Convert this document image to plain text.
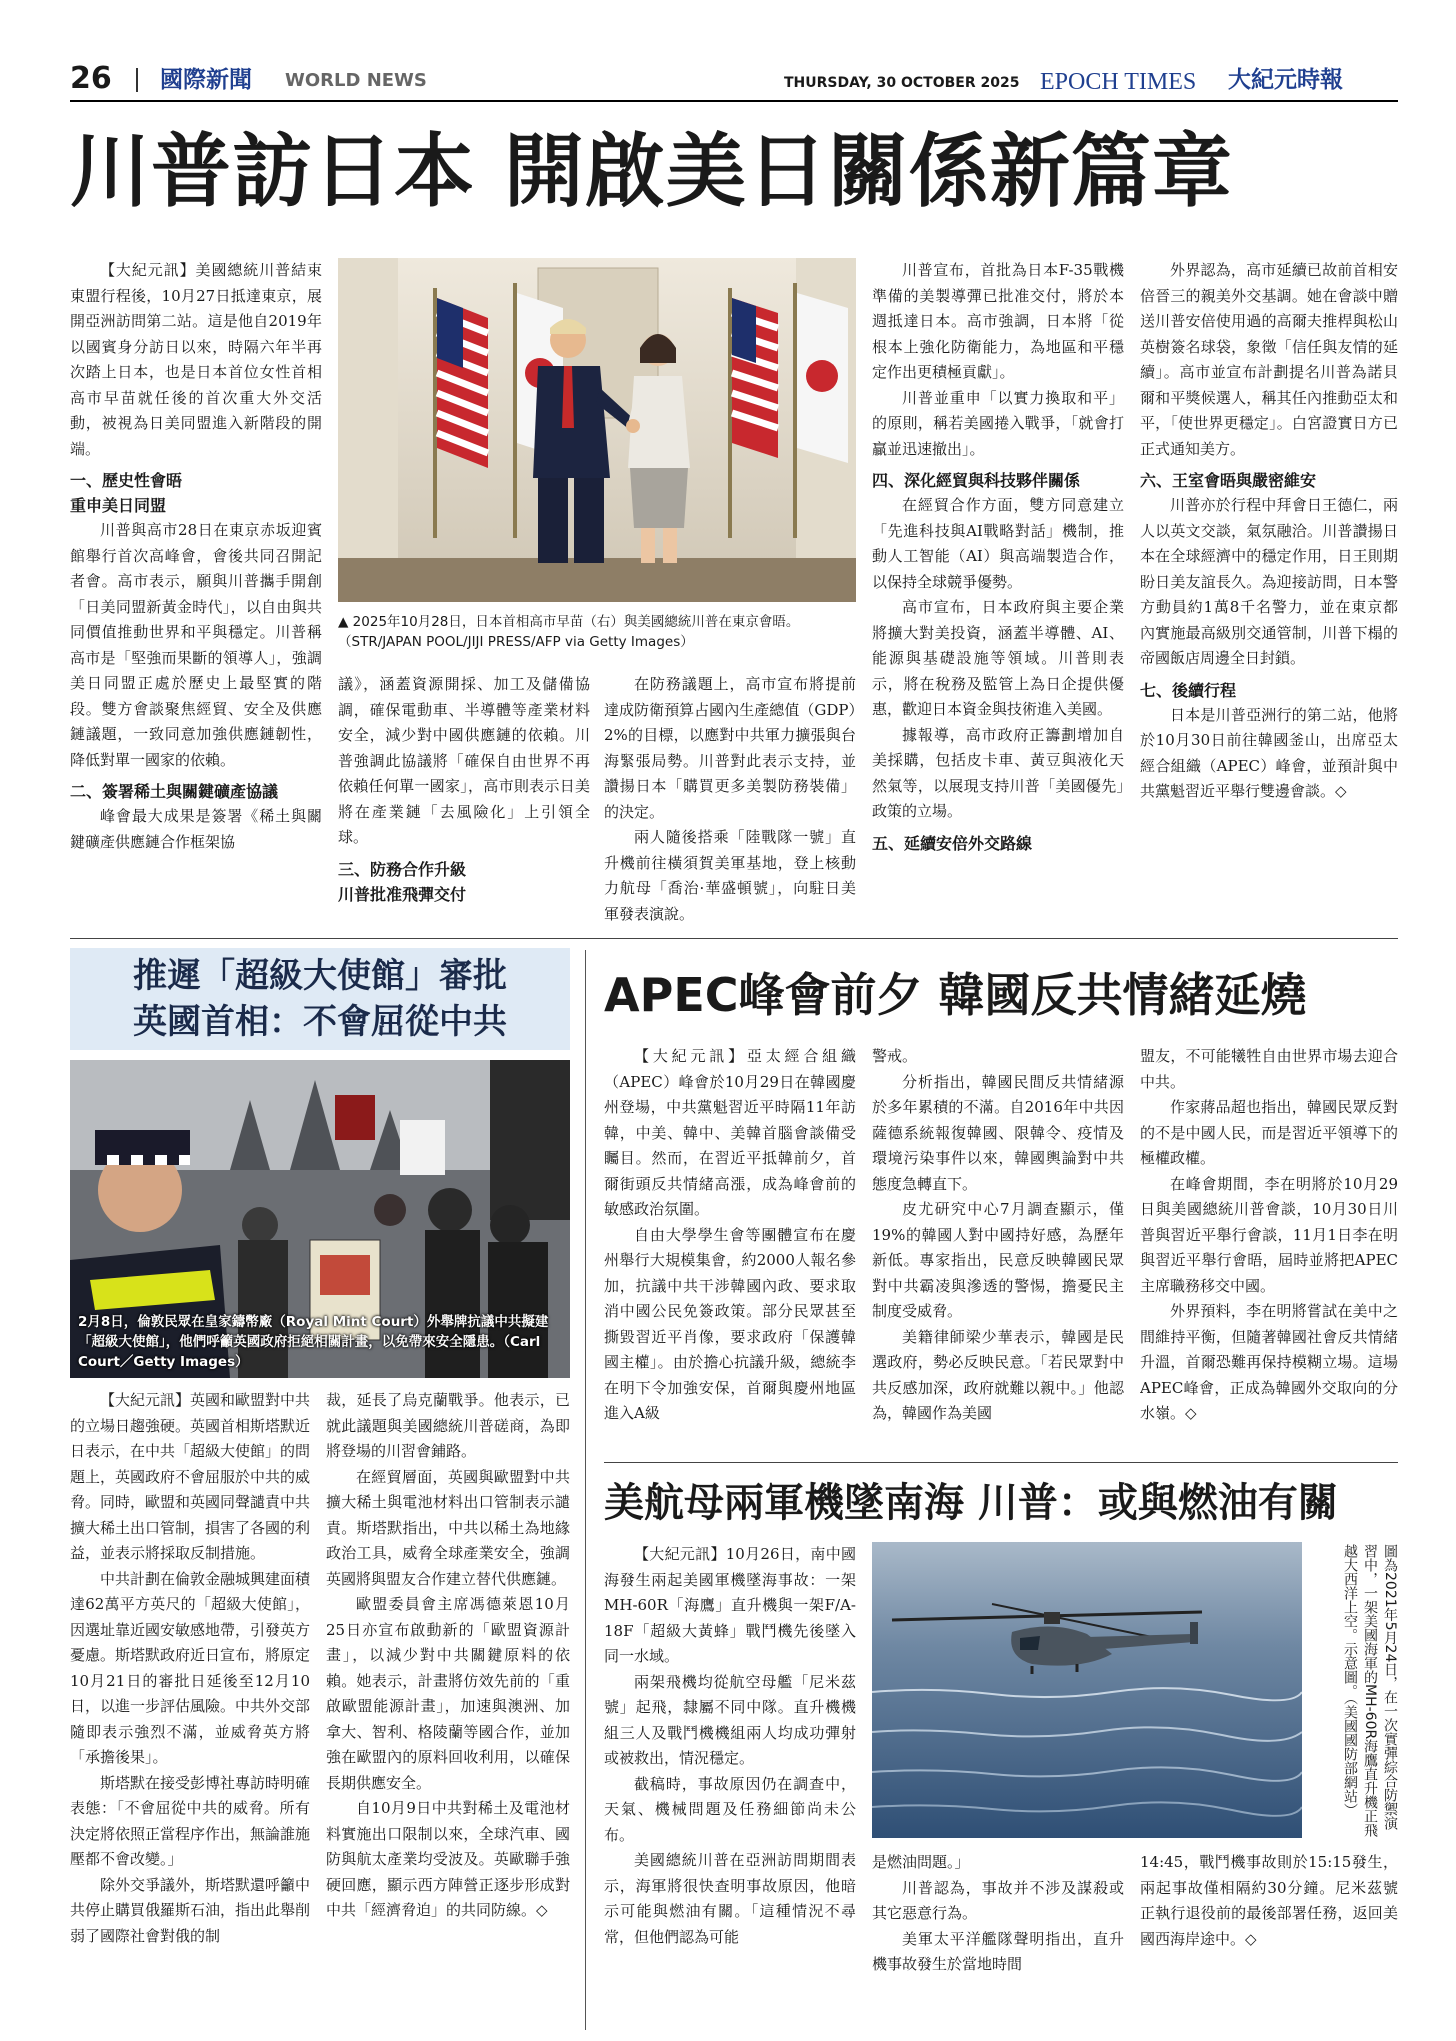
26 國際新聞 WORLD NEWS	THURSDAY, 30 OCTOBER 2025 EPOCH TIMES 大紀元時報
川普訪日本 開啟美日關係新篇章

【大紀元訊】美國總統川普結束東盟行程後，10月27日抵達東京，展開亞洲訪問第二站。這是他自2019年以國賓身分訪日以來，時隔六年半再次踏上日本，也是日本首位女性首相高市早苗就任後的首次重大外交活動，被視為日美同盟進入新階段的開端。

一、歷史性會晤
重申美日同盟

川普與高市28日在東京赤坂迎賓館舉行首次高峰會，會後共同召開記者會。高市表示，願與川普攜手開創「日美同盟新黃金時代」，以自由與共同價值推動世界和平與穩定。川普稱高市是「堅強而果斷的領導人」，強調美日同盟正處於歷史上最堅實的階段。雙方會談聚焦經貿、安全及供應鏈議題，一致同意加強供應鏈韌性，降低對單一國家的依賴。

二、簽署稀土與關鍵礦產協議

峰會最大成果是簽署《稀土與關鍵礦產供應鏈合作框架協

▲ 2025年10月28日，日本首相高市早苗（右）與美國總統川普在東京會晤。（STR/JAPAN POOL/JIJI PRESS/AFP via Getty Images）

議》，涵蓋資源開採、加工及儲備協調，確保電動車、半導體等產業材料安全，減少對中國供應鏈的依賴。川普強調此協議將「確保自由世界不再依賴任何單一國家」，高市則表示日美將在產業鏈「去風險化」上引領全球。

三、防務合作升級
川普批准飛彈交付

在防務議題上，高市宣布將提前達成防衛預算占國內生產總值（GDP）2%的目標，以應對中共軍力擴張與台海緊張局勢。川普對此表示支持，並讚揚日本「購買更多美製防務裝備」的決定。

兩人隨後搭乘「陸戰隊一號」直升機前往橫須賀美軍基地，登上核動力航母「喬治·華盛頓號」，向駐日美軍發表演說。

川普宣布，首批為日本F-35戰機準備的美製導彈已批准交付，將於本週抵達日本。高市強調，日本將「從根本上強化防衛能力，為地區和平穩定作出更積極貢獻」。

川普並重申「以實力換取和平」的原則，稱若美國捲入戰爭，「就會打贏並迅速撤出」。

四、深化經貿與科技夥伴關係

在經貿合作方面，雙方同意建立「先進科技與AI戰略對話」機制，推動人工智能（AI）與高端製造合作，以保持全球競爭優勢。

高市宣布，日本政府與主要企業將擴大對美投資，涵蓋半導體、AI、能源與基礎設施等領域。川普則表示，將在稅務及監管上為日企提供優惠，歡迎日本資金與技術進入美國。

據報導，高市政府正籌劃增加自美採購，包括皮卡車、黃豆與液化天然氣等，以展現支持川普「美國優先」政策的立場。

五、延續安倍外交路線

外界認為，高市延續已故前首相安倍晉三的親美外交基調。她在會談中贈送川普安倍使用過的高爾夫推桿與松山英樹簽名球袋，象徵「信任與友情的延續」。高市並宣布計劃提名川普為諾貝爾和平獎候選人，稱其任內推動亞太和平，「使世界更穩定」。白宮證實日方已正式通知美方。

六、王室會晤與嚴密維安

川普亦於行程中拜會日王德仁，兩人以英文交談，氣氛融洽。川普讚揚日本在全球經濟中的穩定作用，日王則期盼日美友誼長久。為迎接訪問，日本警方動員約1萬8千名警力，並在東京都內實施最高級別交通管制，川普下榻的帝國飯店周邊全日封鎖。

七、後續行程

日本是川普亞洲行的第二站，他將於10月30日前往韓國釜山，出席亞太經合組織（APEC）峰會，並預計與中共黨魁習近平舉行雙邊會談。◇

推遲「超級大使館」審批
英國首相：不會屈從中共
2月8日，倫敦民眾在皇家鑄幣廠（Royal Mint Court）外舉牌抗議中共擬建「超級大使館」，他們呼籲英國政府拒絕相關計畫，以免帶來安全隱患。（Carl Court／Getty Images）

【大紀元訊】英國和歐盟對中共的立場日趨強硬。英國首相斯塔默近日表示，在中共「超級大使館」的問題上，英國政府不會屈服於中共的威脅。同時，歐盟和英國同聲譴責中共擴大稀土出口管制，損害了各國的利益，並表示將採取反制措施。

中共計劃在倫敦金融城興建面積達62萬平方英尺的「超級大使館」，因選址靠近國安敏感地帶，引發英方憂慮。斯塔默政府近日宣布，將原定10月21日的審批日延後至12月10日，以進一步評估風險。中共外交部隨即表示強烈不滿，並威脅英方將「承擔後果」。

斯塔默在接受彭博社專訪時明確表態：「不會屈從中共的威脅。所有決定將依照正當程序作出，無論誰施壓都不會改變。」

除外交爭議外，斯塔默還呼籲中共停止購買俄羅斯石油，指出此舉削弱了國際社會對俄的制

裁，延長了烏克蘭戰爭。他表示，已就此議題與美國總統川普磋商，為即將登場的川習會鋪路。

在經貿層面，英國與歐盟對中共擴大稀土與電池材料出口管制表示譴責。斯塔默指出，中共以稀土為地緣政治工具，威脅全球產業安全，強調英國將與盟友合作建立替代供應鏈。

歐盟委員會主席馮德萊恩10月25日亦宣布啟動新的「歐盟資源計畫」，以減少對中共關鍵原料的依賴。她表示，計畫將仿效先前的「重啟歐盟能源計畫」，加速與澳洲、加拿大、智利、格陵蘭等國合作，並加強在歐盟內的原料回收利用，以確保長期供應安全。

自10月9日中共對稀土及電池材料實施出口限制以來，全球汽車、國防與航太產業均受波及。英歐聯手強硬回應，顯示西方陣營正逐步形成對中共「經濟脅迫」的共同防線。◇

APEC峰會前夕 韓國反共情緒延燒

【大紀元訊】亞太經合組織（APEC）峰會於10月29日在韓國慶州登場，中共黨魁習近平時隔11年訪韓，中美、韓中、美韓首腦會談備受矚目。然而，在習近平抵韓前夕，首爾街頭反共情緒高漲，成為峰會前的敏感政治氛圍。

自由大學學生會等團體宣布在慶州舉行大規模集會，約2000人報名參加，抗議中共干涉韓國內政、要求取消中國公民免簽政策。部分民眾甚至撕毀習近平肖像，要求政府「保護韓國主權」。由於擔心抗議升級，總統李在明下令加強安保，首爾與慶州地區進入A級

警戒。

分析指出，韓國民間反共情緒源於多年累積的不滿。自2016年中共因薩德系統報復韓國、限韓令、疫情及環境污染事件以來，韓國輿論對中共態度急轉直下。

皮尤研究中心7月調查顯示，僅19%的韓國人對中國持好感，為歷年新低。專家指出，民意反映韓國民眾對中共霸凌與滲透的警惕，擔憂民主制度受威脅。

美籍律師梁少華表示，韓國是民選政府，勢必反映民意。「若民眾對中共反感加深，政府就難以親中。」他認為，韓國作為美國

盟友，不可能犧牲自由世界市場去迎合中共。

作家蔣品超也指出，韓國民眾反對的不是中國人民，而是習近平領導下的極權政權。

在峰會期間，李在明將於10月29日與美國總統川普會談，10月30日川普與習近平舉行會談，11月1日李在明與習近平舉行會晤，屆時並將把APEC主席職務移交中國。

外界預料，李在明將嘗試在美中之間維持平衡，但隨著韓國社會反共情緒升溫，首爾恐難再保持模糊立場。這場APEC峰會，正成為韓國外交取向的分水嶺。◇

美航母兩軍機墜南海 川普：或與燃油有關

【大紀元訊】10月26日，南中國海發生兩起美國軍機墜海事故：一架MH-60R「海鷹」直升機與一架F/A-18F「超級大黃蜂」戰鬥機先後墜入同一水域。

兩架飛機均從航空母艦「尼米茲號」起飛，隸屬不同中隊。直升機機組三人及戰鬥機機組兩人均成功彈射或被救出，情況穩定。

截稿時，事故原因仍在調查中，天氣、機械問題及任務細節尚未公布。

美國總統川普在亞洲訪問期間表示，海軍將很快查明事故原因，他暗示可能與燃油有關。「這種情況不尋常，但他們認為可能

圖為2021年5月24日，在一次實彈綜合防禦演習中，一架美國海軍的MH-60R海鷹直升機正飛越大西洋上空。示意圖。（美國國防部網站）

是燃油問題。」

川普認為，事故并不涉及謀殺或其它惡意行為。

美軍太平洋艦隊聲明指出，直升機事故發生於當地時間

14:45，戰鬥機事故則於15:15發生，兩起事故僅相隔約30分鐘。尼米茲號正執行退役前的最後部署任務，返回美國西海岸途中。◇
